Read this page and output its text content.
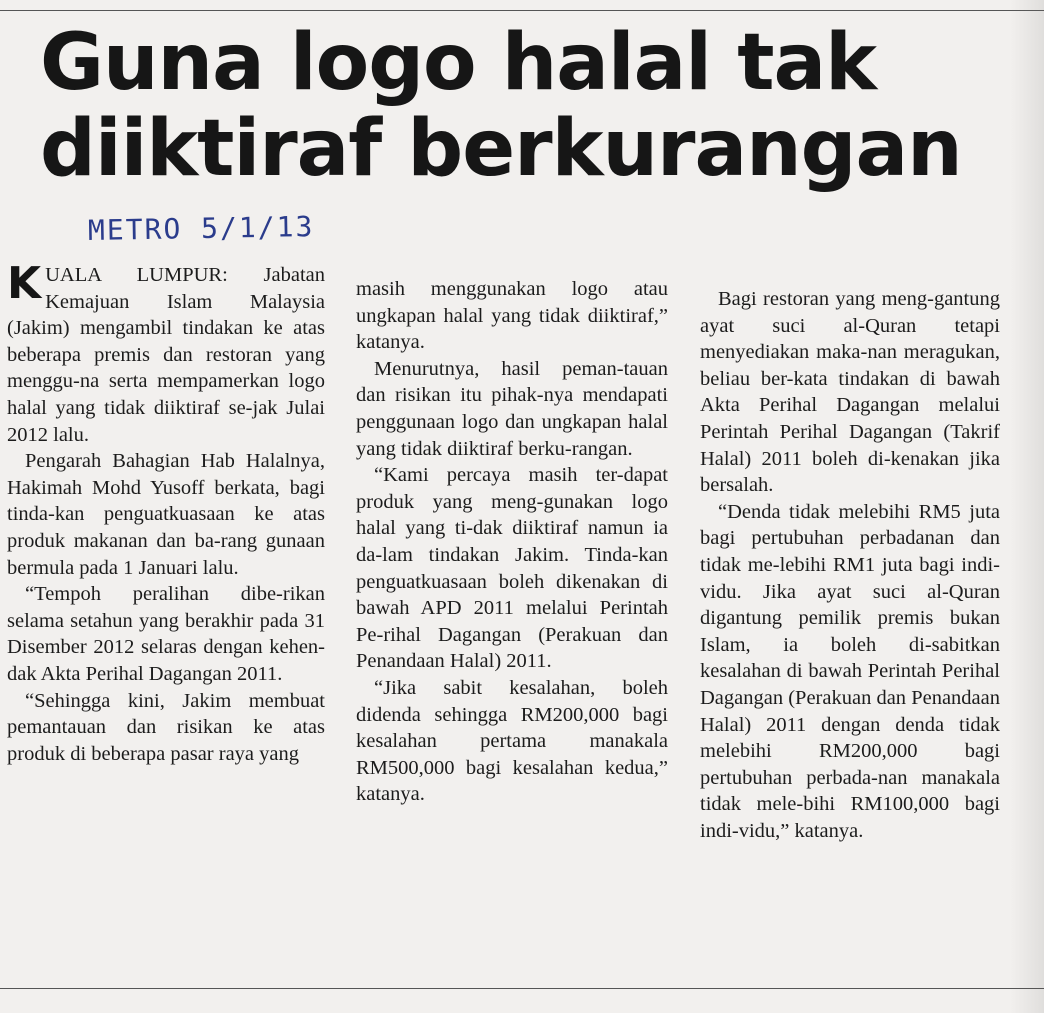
Guna logo halal tak
diiktiraf berkurangan
METRO 5/1/13

KUALA LUMPUR: Jabatan Kemajuan Islam Malaysia (Jakim) mengambil tindakan ke atas beberapa premis dan restoran yang menggu-na serta mempamerkan logo halal yang tidak diiktiraf se-jak Julai 2012 lalu.

Pengarah Bahagian Hab Halalnya, Hakimah Mohd Yusoff berkata, bagi tinda-kan penguatkuasaan ke atas produk makanan dan ba-rang gunaan bermula pada 1 Januari lalu.

“Tempoh peralihan dibe-rikan selama setahun yang berakhir pada 31 Disember 2012 selaras dengan kehen-dak Akta Perihal Dagangan 2011.

“Sehingga kini, Jakim membuat pemantauan dan risikan ke atas produk di beberapa pasar raya yang

masih menggunakan logo atau ungkapan halal yang tidak diiktiraf,” katanya.

Menurutnya, hasil peman-tauan dan risikan itu pihak-nya mendapati penggunaan logo dan ungkapan halal yang tidak diiktiraf berku-rangan.

“Kami percaya masih ter-dapat produk yang meng-gunakan logo halal yang ti-dak diiktiraf namun ia da-lam tindakan Jakim. Tinda-kan penguatkuasaan boleh dikenakan di bawah APD 2011 melalui Perintah Pe-rihal Dagangan (Perakuan dan Penandaan Halal) 2011.

“Jika sabit kesalahan, boleh didenda sehingga RM200,000 bagi kesalahan pertama manakala RM500,000 bagi kesalahan kedua,” katanya.

Bagi restoran yang meng-gantung ayat suci al-Quran tetapi menyediakan maka-nan meragukan, beliau ber-kata tindakan di bawah Akta Perihal Dagangan melalui Perintah Perihal Dagangan (Takrif Halal) 2011 boleh di-kenakan jika bersalah.

“Denda tidak melebihi RM5 juta bagi pertubuhan perbadanan dan tidak me-lebihi RM1 juta bagi indi-vidu. Jika ayat suci al-Quran digantung pemilik premis bukan Islam, ia boleh di-sabitkan kesalahan di bawah Perintah Perihal Dagangan (Perakuan dan Penandaan Halal) 2011 dengan denda tidak melebihi RM200,000 bagi pertubuhan perbada-nan manakala tidak mele-bihi RM100,000 bagi indi-vidu,” katanya.
